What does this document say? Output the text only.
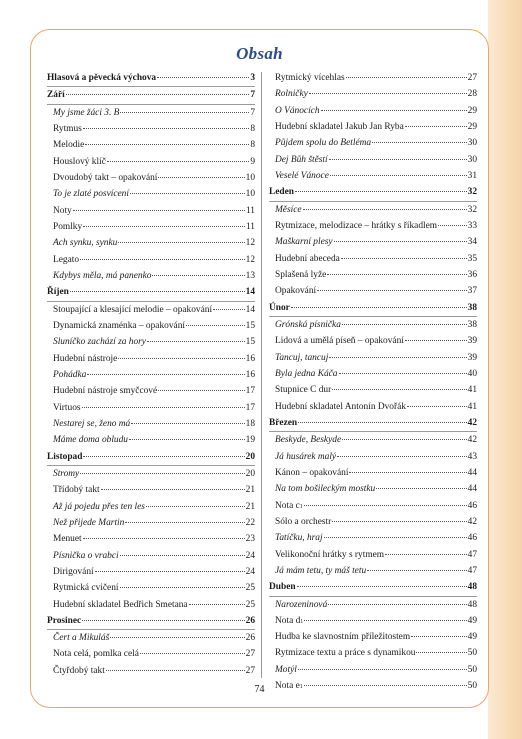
Obsah
Hlasová a pěvecká výchova	3
Září	7
My jsme žáci 3. B	7
Rytmus	8
Melodie	8
Houslový klíč	9
Dvoudobý takt – opakování	10
To je zlaté posvícení	10
Noty	11
Pomlky	11
Ach synku, synku	12
Legato	12
Kdybys měla, má panenko	13
Říjen	14
Stoupající a klesající melodie – opakování	14
Dynamická znaménka – opakování	15
Sluníčko zachází za hory	15
Hudební nástroje	16
Pohádka	16
Hudební nástroje smyčcové	17
Virtuos	17
Nestarej se, ženo má	18
Máme doma obludu	19
Listopad	20
Stromy	20
Třídobý takt	21
Až já pojedu přes ten les	21
Než přijede Martin	22
Menuet	23
Písnička o vrabci	24
Dirigování	24
Rytmická cvičení	25
Hudební skladatel Bedřich Smetana	25
Prosinec	26
Čert a Mikuláš	26
Nota celá, pomlka celá	27
Čtyřdobý takt	27
Rytmický vícehlas	27
Rolničky	28
O Vánocích	29
Hudební skladatel Jakub Jan Ryba	29
Půjdem spolu do Betléma	30
Dej Bůh štěstí	30
Veselé Vánoce	31
Leden	32
Měsíce	32
Rytmizace, melodizace – hrátky s říkadlem	33
Maškarní plesy	34
Hudební abeceda	35
Splašená lyže	36
Opakování	37
Únor	38
Grónská písnička	38
Lidová a umělá píseň – opakování	39
Tancuj, tancuj	39
Byla jedna Káča	40
Stupnice C dur	41
Hudební skladatel Antonín Dvořák	41
Březen	42
Beskyde, Beskyde	42
Já husárek malý	43
Kánon – opakování	44
Na tom bošileckým mostku	44
Nota c 1	46
Sólo a orchestr	42
Tatíčku, hraj	46
Velikonoční hrátky s rytmem	47
Já mám tetu, ty máš tetu	47
Duben	48
Narozeninová	48
Nota d 1	49
Hudba ke slavnostním příležitostem	49
Rytmizace textu a práce s dynamikou	50
Motýl	50
Nota e 1	50
74
